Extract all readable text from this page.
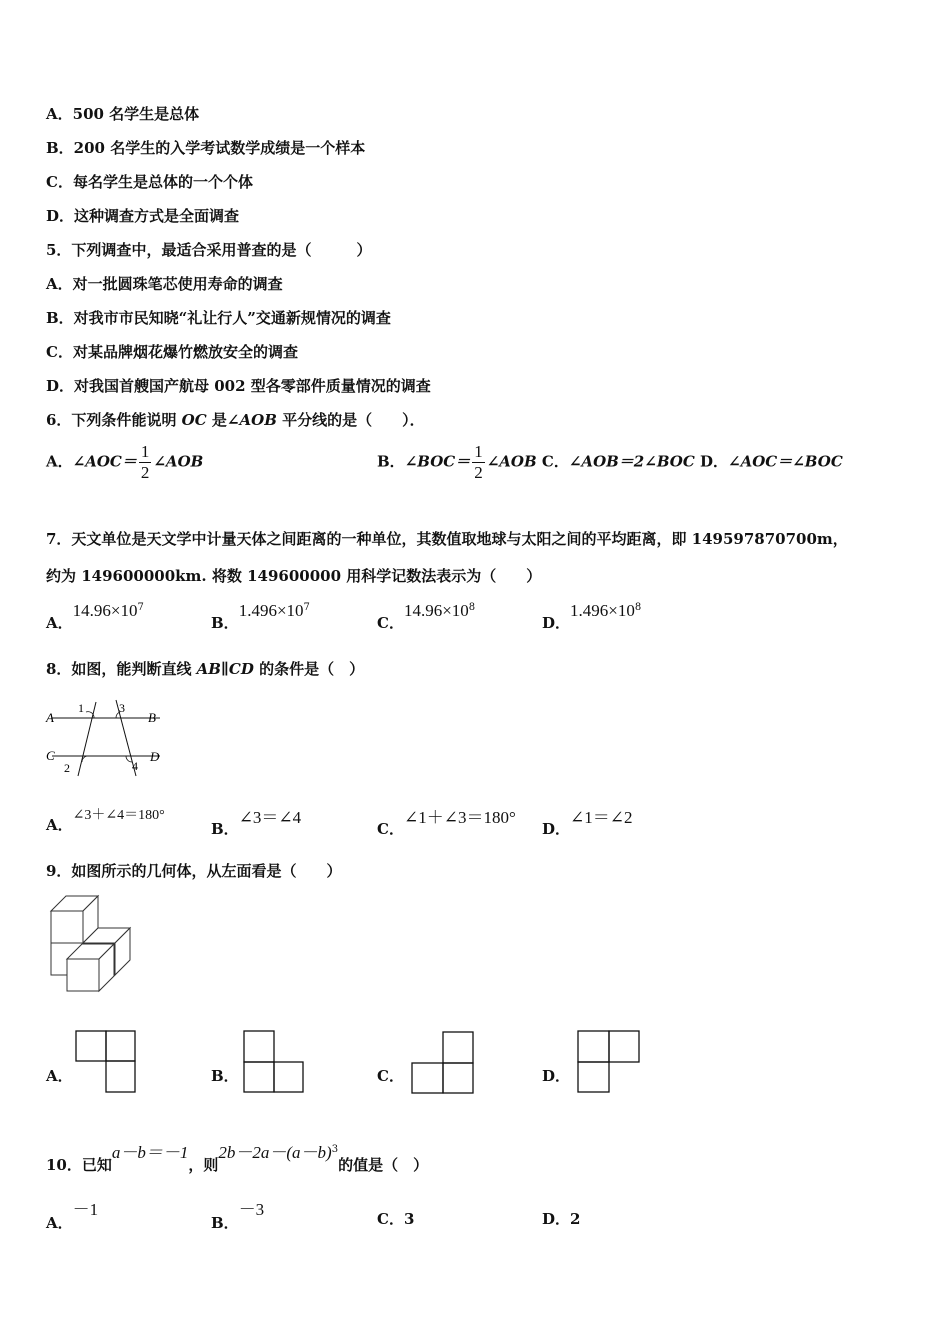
A．500 名学生是总体
B．200 名学生的入学考试数学成绩是一个样本
C．每名学生是总体的一个个体
D．这种调查方式是全面调查
5．下列调查中，最适合采用普查的是（　　　）
A．对一批圆珠笔芯使用寿命的调查
B．对我市市民知晓“礼让行人”交通新规情况的调查
C．对某品牌烟花爆竹燃放安全的调查
D．对我国首艘国产航母 002 型各零部件质量情况的调查
6．下列条件能说明 OC 是∠AOB 平分线的是（　　）．
A．∠AOC＝ $\frac{1}{2}$ ∠AOB	B．∠BOC＝ $\frac{1}{2}$ ∠AOB C．∠AOB＝2∠BOC D．∠AOC＝∠BOC
7．天文单位是天文学中计量天体之间距离的一种单位，其数值取地球与太阳之间的平均距离，即 149597870700m，
约为 149600000km. 将数 149600000 用科学记数法表示为（　　）
A．$14.96\times 10^7$
B．$1.496\times 10^7$
C．$14.96\times 10^8$
D．$1.496\times 10^8$
8．如图，能判断直线 AB∥CD 的条件是（　）
A	B
C	D
1
2
3
4
A．∠3＋∠4＝180°
B．∠3＝∠4
C．∠1＋∠3＝180°
D．∠1＝∠2
9．如图所示的几何体，从左面看是（　　）
A．	B．	C．	D．
10．已知a－b＝－1，则$2b-2a-(a-b)^3$的值是（　）
A．－1
B．－3	C．3	D．2
